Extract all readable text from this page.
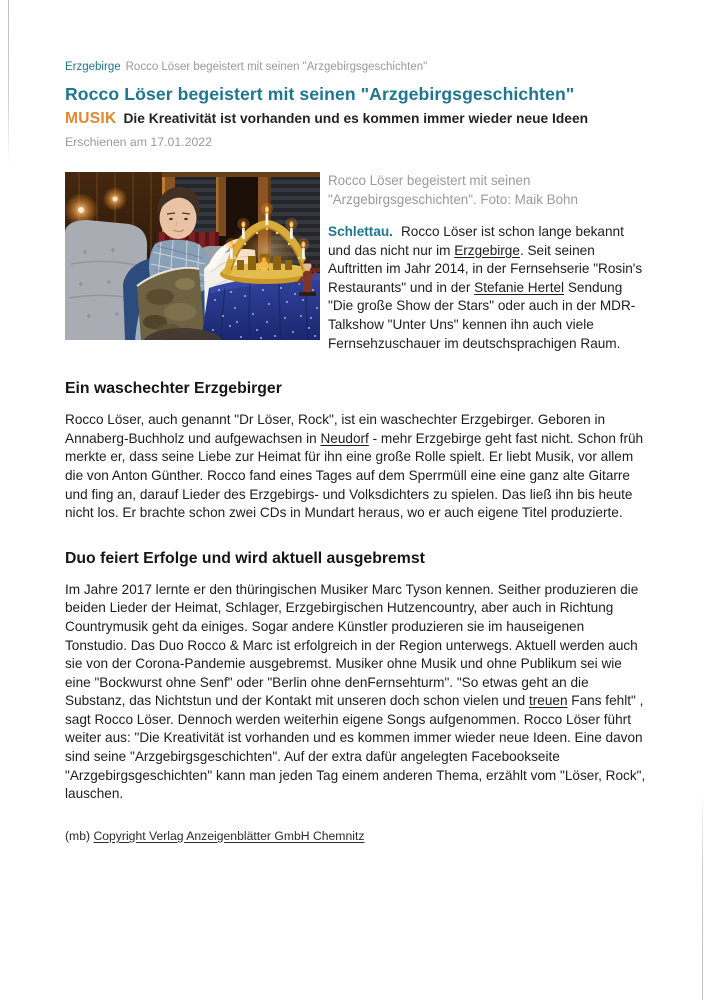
Erzgebirge Rocco Löser begeistert mit seinen "Arzgebirgsgeschichten"
Rocco Löser begeistert mit seinen "Arzgebirgsgeschichten"
MUSIK Die Kreativität ist vorhanden und es kommen immer wieder neue Ideen
Erschienen am 17.01.2022
Rocco Löser begeistert mit seinen "Arzgebirgsgeschichten". Foto: Maik Bohn

Schlettau. Rocco Löser ist schon lange bekannt und das nicht nur im Erzgebirge. Seit seinen Auftritten im Jahr 2014, in der Fernsehserie "Rosin's Restaurants" und in der Stefanie Hertel Sendung "Die große Show der Stars" oder auch in der MDR-Talkshow "Unter Uns" kennen ihn auch viele Fernsehzuschauer im deutschsprachigen Raum.

Ein waschechter Erzgebirger

Rocco Löser, auch genannt "Dr Löser, Rock", ist ein waschechter Erzgebirger. Geboren in Annaberg-Buchholz und aufgewachsen in Neudorf - mehr Erzgebirge geht fast nicht. Schon früh merkte er, dass seine Liebe zur Heimat für ihn eine große Rolle spielt. Er liebt Musik, vor allem die von Anton Günther. Rocco fand eines Tages auf dem Sperrmüll eine eine ganz alte Gitarre und fing an, darauf Lieder des Erzgebirgs- und Volksdichters zu spielen. Das ließ ihn bis heute nicht los. Er brachte schon zwei CDs in Mundart heraus, wo er auch eigene Titel produzierte.

Duo feiert Erfolge und wird aktuell ausgebremst

Im Jahre 2017 lernte er den thüringischen Musiker Marc Tyson kennen. Seither produzieren die beiden Lieder der Heimat, Schlager, Erzgebirgischen Hutzencountry, aber auch in Richtung Countrymusik geht da einiges. Sogar andere Künstler produzieren sie im hauseigenen Tonstudio. Das Duo Rocco & Marc ist erfolgreich in der Region unterwegs. Aktuell werden auch sie von der Corona-Pandemie ausgebremst. Musiker ohne Musik und ohne Publikum sei wie eine "Bockwurst ohne Senf" oder "Berlin ohne denFernsehturm". "So etwas geht an die Substanz, das Nichtstun und der Kontakt mit unseren doch schon vielen und treuen Fans fehlt" , sagt Rocco Löser. Dennoch werden weiterhin eigene Songs aufgenommen. Rocco Löser führt weiter aus: "Die Kreativität ist vorhanden und es kommen immer wieder neue Ideen. Eine davon sind seine "Arzgebirgsgeschichten". Auf der extra dafür angelegten Facebookseite "Arzgebirgsgeschichten" kann man jeden Tag einem anderen Thema, erzählt vom "Löser, Rock", lauschen.

(mb) Copyright Verlag Anzeigenblätter GmbH Chemnitz
